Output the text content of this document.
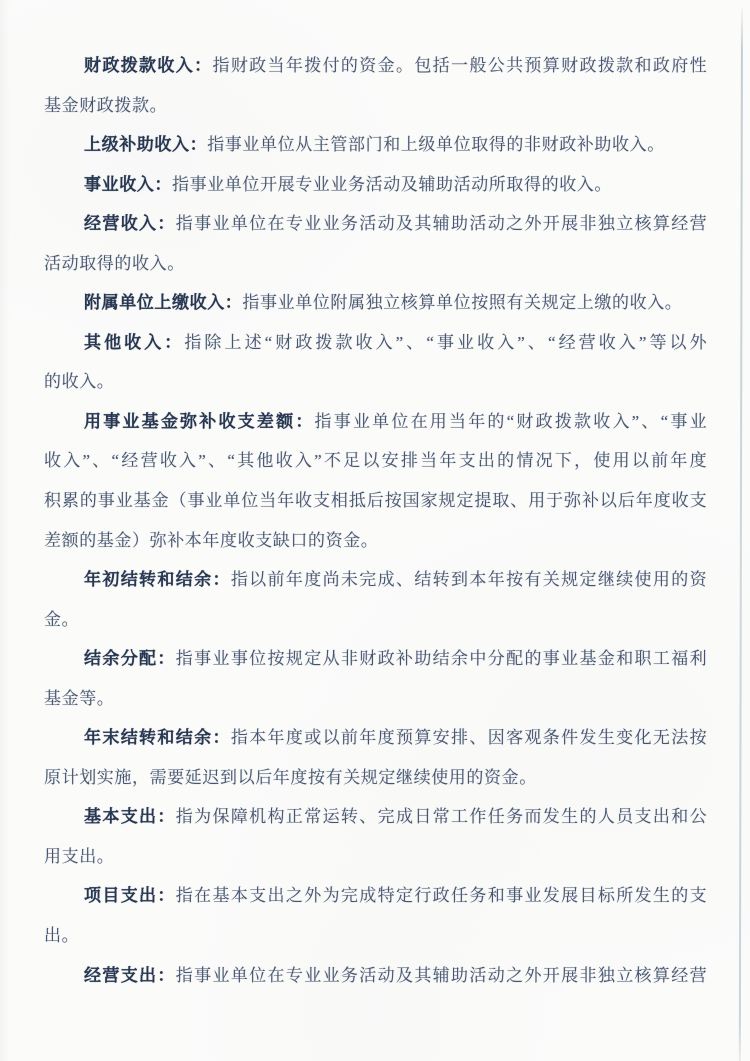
财政拨款收入：指财政当年拨付的资金。包括一般公共预算财政拨款和政府性
基金财政拨款。
上级补助收入：指事业单位从主管部门和上级单位取得的非财政补助收入。
事业收入：指事业单位开展专业业务活动及辅助活动所取得的收入。
经营收入：指事业单位在专业业务活动及其辅助活动之外开展非独立核算经营
活动取得的收入。
附属单位上缴收入：指事业单位附属独立核算单位按照有关规定上缴的收入。
其他收入：指除上述“财政拨款收入”、“事业收入”、“经营收入”等以外
的收入。
用事业基金弥补收支差额：指事业单位在用当年的“财政拨款收入”、“事业
收入”、“经营收入”、“其他收入”不足以安排当年支出的情况下，使用以前年度
积累的事业基金（事业单位当年收支相抵后按国家规定提取、用于弥补以后年度收支
差额的基金）弥补本年度收支缺口的资金。
年初结转和结余：指以前年度尚未完成、结转到本年按有关规定继续使用的资
金。
结余分配：指事业事位按规定从非财政补助结余中分配的事业基金和职工福利
基金等。
年末结转和结余：指本年度或以前年度预算安排、因客观条件发生变化无法按
原计划实施，需要延迟到以后年度按有关规定继续使用的资金。
基本支出：指为保障机构正常运转、完成日常工作任务而发生的人员支出和公
用支出。
项目支出：指在基本支出之外为完成特定行政任务和事业发展目标所发生的支
出。
经营支出：指事业单位在专业业务活动及其辅助活动之外开展非独立核算经营
